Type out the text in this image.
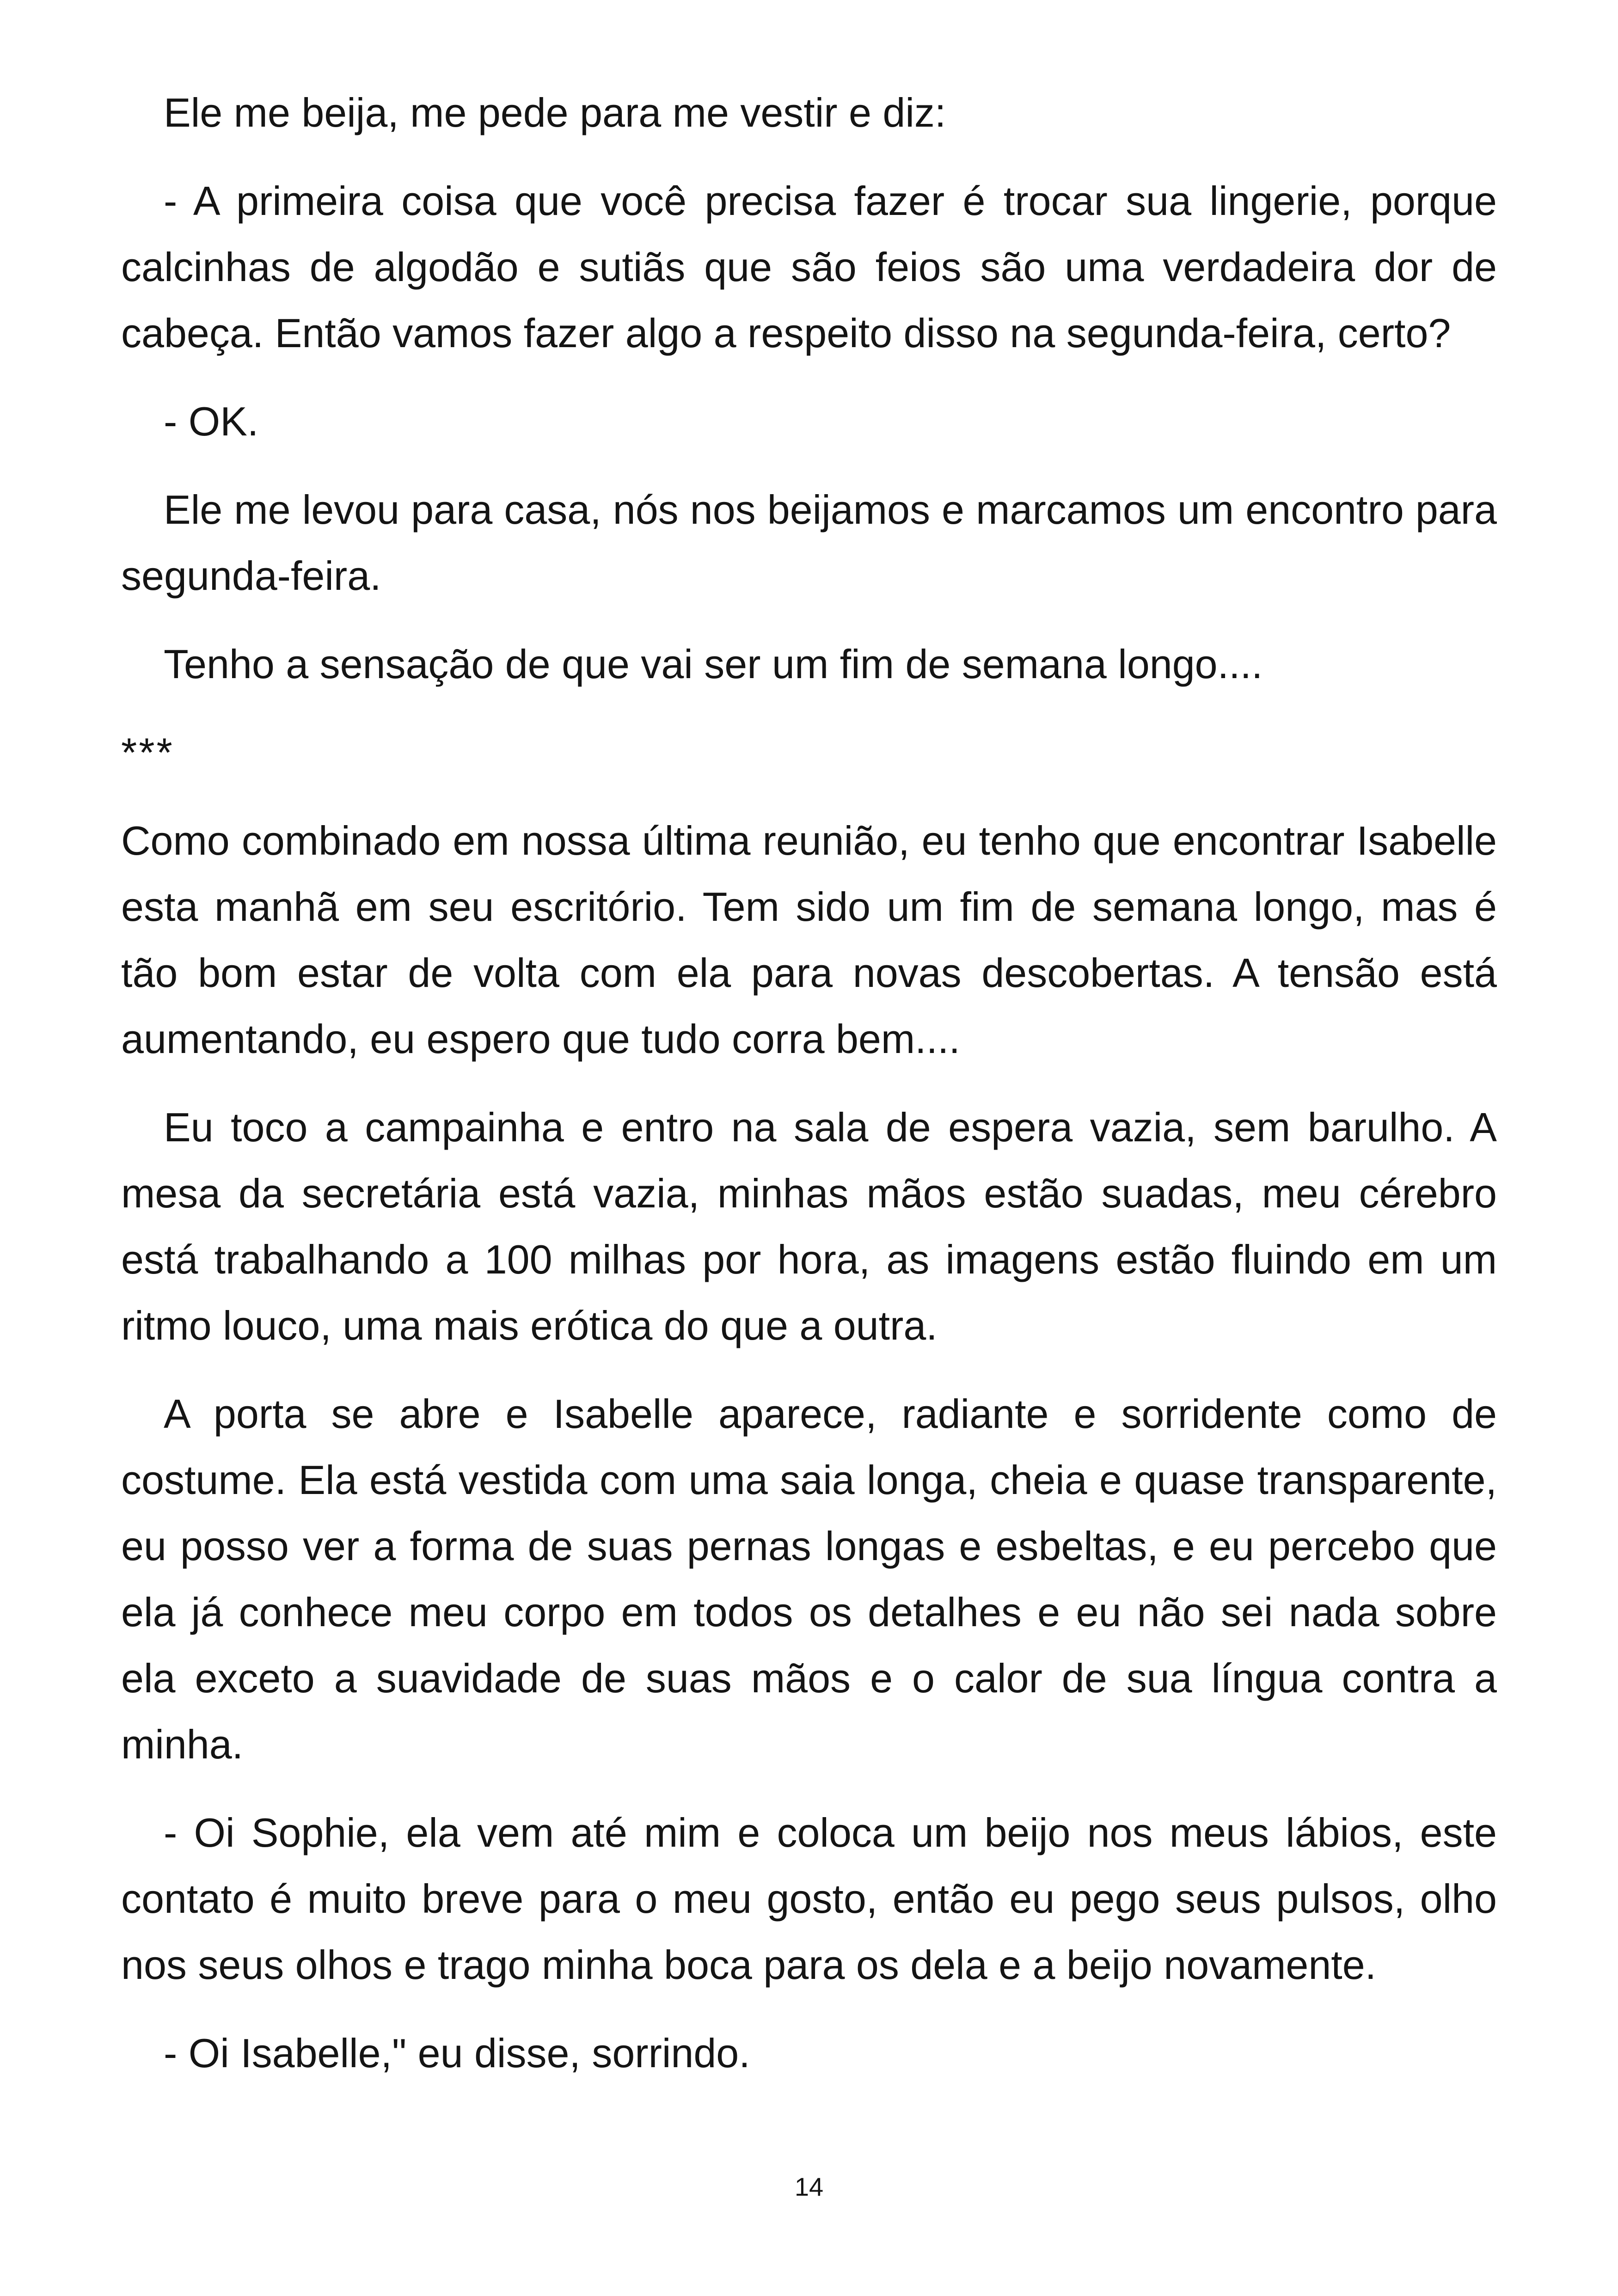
Ele me beija, me pede para me vestir e diz:

- A primeira coisa que você precisa fazer é trocar sua lingerie, porque calcinhas de algodão e sutiãs que são feios são uma verdadeira dor de cabeça. Então vamos fazer algo a respeito disso na segunda-feira, certo?

- OK.

Ele me levou para casa, nós nos beijamos e marcamos um encontro para segunda-feira.

Tenho a sensação de que vai ser um fim de semana longo....

***

Como combinado em nossa última reunião, eu tenho que encontrar Isabelle esta manhã em seu escritório. Tem sido um fim de semana longo, mas é tão bom estar de volta com ela para novas descobertas. A tensão está aumentando, eu espero que tudo corra bem....

Eu toco a campainha e entro na sala de espera vazia, sem barulho. A mesa da secretária está vazia, minhas mãos estão suadas, meu cérebro está trabalhando a 100 milhas por hora, as imagens estão fluindo em um ritmo louco, uma mais erótica do que a outra.

A porta se abre e Isabelle aparece, radiante e sorridente como de costume. Ela está vestida com uma saia longa, cheia e quase transparente, eu posso ver a forma de suas pernas longas e esbeltas, e eu percebo que ela já conhece meu corpo em todos os detalhes e eu não sei nada sobre ela exceto a suavidade de suas mãos e o calor de sua língua contra a minha.

- Oi Sophie, ela vem até mim e coloca um beijo nos meus lábios, este contato é muito breve para o meu gosto, então eu pego seus pulsos, olho nos seus olhos e trago minha boca para os dela e a beijo novamente.

- Oi Isabelle," eu disse, sorrindo.

14
